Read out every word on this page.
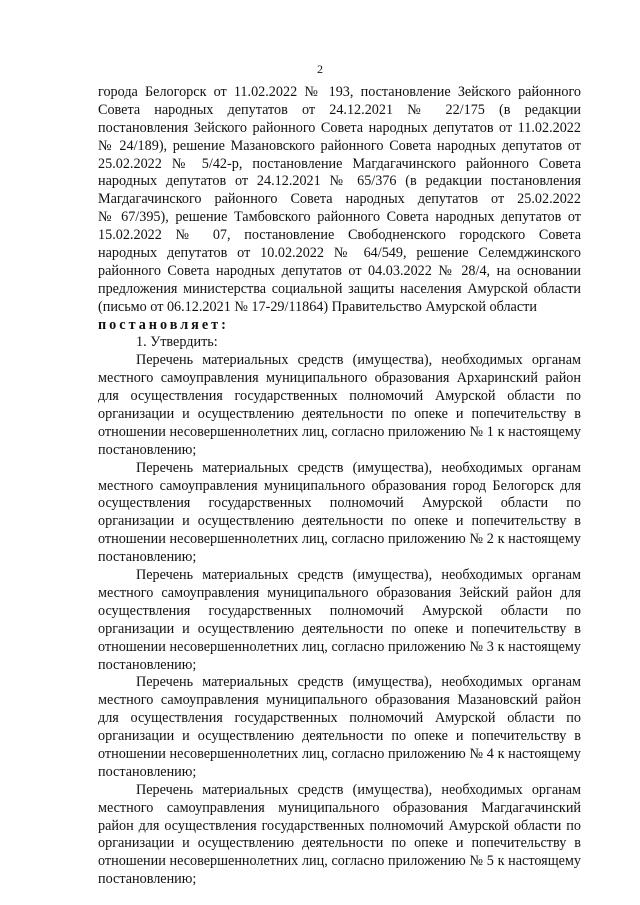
2
города Белогорск от 11.02.2022 № 193, постановление Зейского районного
Совета народных депутатов от 24.12.2021 № 22/175 (в редакции
постановления Зейского районного Совета народных депутатов от 11.02.2022
№ 24/189), решение Мазановского районного Совета народных депутатов от
25.02.2022 № 5/42-р, постановление Магдагачинского районного Совета
народных депутатов от 24.12.2021 № 65/376 (в редакции постановления
Магдагачинского районного Совета народных депутатов от 25.02.2022
№ 67/395), решение Тамбовского районного Совета народных депутатов от
15.02.2022 № 07, постановление Свободненского городского Совета
народных депутатов от 10.02.2022 № 64/549, решение Селемджинского
районного Совета народных депутатов от 04.03.2022 № 28/4, на основании
предложения министерства социальной защиты населения Амурской области
(письмо от 06.12.2021 № 17-29/11864) Правительство Амурской области
постановляет:
1. Утвердить:
Перечень материальных средств (имущества), необходимых органам
местного самоуправления муниципального образования Архаринский район
для осуществления государственных полномочий Амурской области по
организации и осуществлению деятельности по опеке и попечительству в
отношении несовершеннолетних лиц, согласно приложению № 1 к настоящему
постановлению;
Перечень материальных средств (имущества), необходимых органам
местного самоуправления муниципального образования город Белогорск для
осуществления государственных полномочий Амурской области по
организации и осуществлению деятельности по опеке и попечительству в
отношении несовершеннолетних лиц, согласно приложению № 2 к настоящему
постановлению;
Перечень материальных средств (имущества), необходимых органам
местного самоуправления муниципального образования Зейский район для
осуществления государственных полномочий Амурской области по
организации и осуществлению деятельности по опеке и попечительству в
отношении несовершеннолетних лиц, согласно приложению № 3 к настоящему
постановлению;
Перечень материальных средств (имущества), необходимых органам
местного самоуправления муниципального образования Мазановский район
для осуществления государственных полномочий Амурской области по
организации и осуществлению деятельности по опеке и попечительству в
отношении несовершеннолетних лиц, согласно приложению № 4 к настоящему
постановлению;
Перечень материальных средств (имущества), необходимых органам
местного самоуправления муниципального образования Магдагачинский
район для осуществления государственных полномочий Амурской области по
организации и осуществлению деятельности по опеке и попечительству в
отношении несовершеннолетних лиц, согласно приложению № 5 к настоящему
постановлению;
